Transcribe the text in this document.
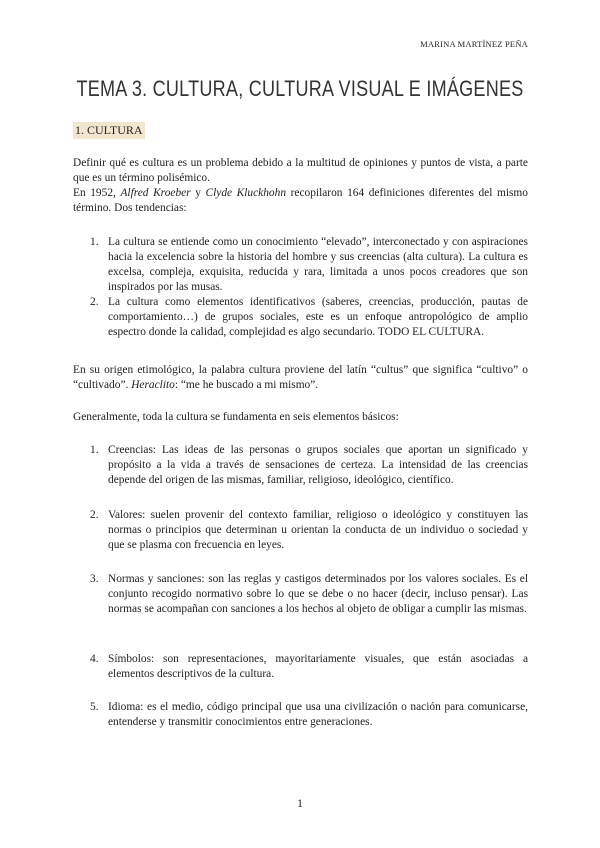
MARINA MARTÍNEZ PEÑA
TEMA 3. CULTURA, CULTURA VISUAL E IMÁGENES
1. CULTURA

Definir qué es cultura es un problema debido a la multitud de opiniones y puntos de vista, a parte que es un término polisémico.

En 1952, Alfred Kroeber y Clyde Kluckhohn recopilaron 164 definiciones diferentes del mismo término. Dos tendencias:

1. La cultura se entiende como un conocimiento “elevado”, interconectado y con aspiraciones hacia la excelencia sobre la historia del hombre y sus creencias (alta cultura). La cultura es excelsa, compleja, exquisita, reducida y rara, limitada a unos pocos creadores que son inspirados por las musas.
2. La cultura como elementos identificativos (saberes, creencias, producción, pautas de comportamiento…) de grupos sociales, este es un enfoque antropológico de amplio espectro donde la calidad, complejidad es algo secundario. TODO EL CULTURA.

En su origen etimológico, la palabra cultura proviene del latín “cultus” que significa “cultivo” o “cultivado”. Heraclito: “me he buscado a mi mismo”.

Generalmente, toda la cultura se fundamenta en seis elementos básicos:

1. Creencias: Las ideas de las personas o grupos sociales que aportan un significado y propósito a la vida a través de sensaciones de certeza. La intensidad de las creencias depende del origen de las mismas, familiar, religioso, ideológico, científico.
2. Valores: suelen provenir del contexto familiar, religioso o ideológico y constituyen las normas o principios que determinan u orientan la conducta de un individuo o sociedad y que se plasma con frecuencia en leyes.
3. Normas y sanciones: son las reglas y castigos determinados por los valores sociales. Es el conjunto recogido normativo sobre lo que se debe o no hacer (decir, incluso pensar). Las normas se acompañan con sanciones a los hechos al objeto de obligar a cumplir las mismas.
4. Símbolos: son representaciones, mayoritariamente visuales, que están asociadas a elementos descriptivos de la cultura.
5. Idioma: es el medio, código principal que usa una civilización o nación para comunicarse, entenderse y transmitir conocimientos entre generaciones.
1
